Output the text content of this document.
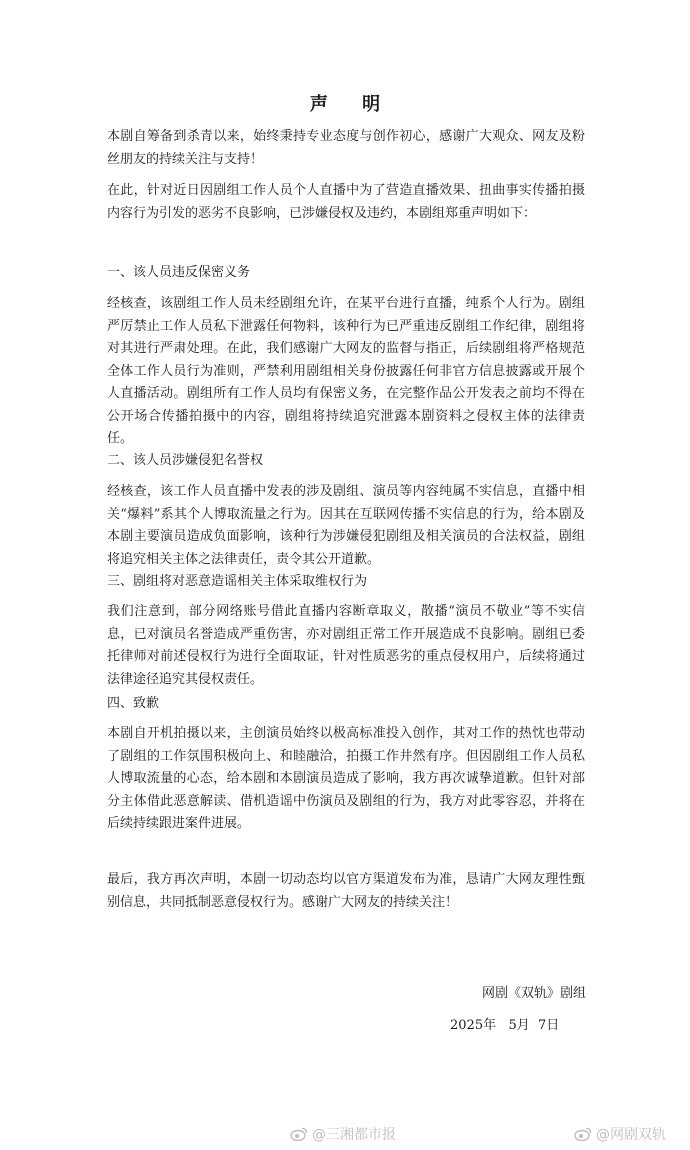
声 明

本剧自筹备到杀青以来，始终秉持专业态度与创作初心，感谢广大观众、网友及粉丝朋友的持续关注与支持！

在此，针对近日因剧组工作人员个人直播中为了营造直播效果、扭曲事实传播拍摄内容行为引发的恶劣不良影响，已涉嫌侵权及违约，本剧组郑重声明如下：

一、该人员违反保密义务

经核查，该剧组工作人员未经剧组允许，在某平台进行直播，纯系个人行为。剧组严厉禁止工作人员私下泄露任何物料，该种行为已严重违反剧组工作纪律，剧组将对其进行严肃处理。在此，我们感谢广大网友的监督与指正，后续剧组将严格规范全体工作人员行为准则，严禁利用剧组相关身份披露任何非官方信息披露或开展个人直播活动。剧组所有工作人员均有保密义务，在完整作品公开发表之前均不得在公开场合传播拍摄中的内容，剧组将持续追究泄露本剧资料之侵权主体的法律责任。

二、该人员涉嫌侵犯名誉权

经核查，该工作人员直播中发表的涉及剧组、演员等内容纯属不实信息，直播中相关“爆料”系其个人博取流量之行为。因其在互联网传播不实信息的行为，给本剧及本剧主要演员造成负面影响，该种行为涉嫌侵犯剧组及相关演员的合法权益，剧组将追究相关主体之法律责任，责令其公开道歉。

三、剧组将对恶意造谣相关主体采取维权行为

我们注意到，部分网络账号借此直播内容断章取义，散播“演员不敬业”等不实信息，已对演员名誉造成严重伤害，亦对剧组正常工作开展造成不良影响。剧组已委托律师对前述侵权行为进行全面取证，针对性质恶劣的重点侵权用户，后续将通过法律途径追究其侵权责任。

四、致歉

本剧自开机拍摄以来，主创演员始终以极高标准投入创作，其对工作的热忱也带动了剧组的工作氛围积极向上、和睦融洽，拍摄工作井然有序。但因剧组工作人员私人博取流量的心态，给本剧和本剧演员造成了影响，我方再次诚挚道歉。但针对部分主体借此恶意解读、借机造谣中伤演员及剧组的行为，我方对此零容忍，并将在后续持续跟进案件进展。

最后，我方再次声明，本剧一切动态均以官方渠道发布为准，恳请广大网友理性甄别信息，共同抵制恶意侵权行为。感谢广大网友的持续关注！

网剧《双轨》剧组
2025年   5月  7日
@三湘都市报	@网剧双轨
